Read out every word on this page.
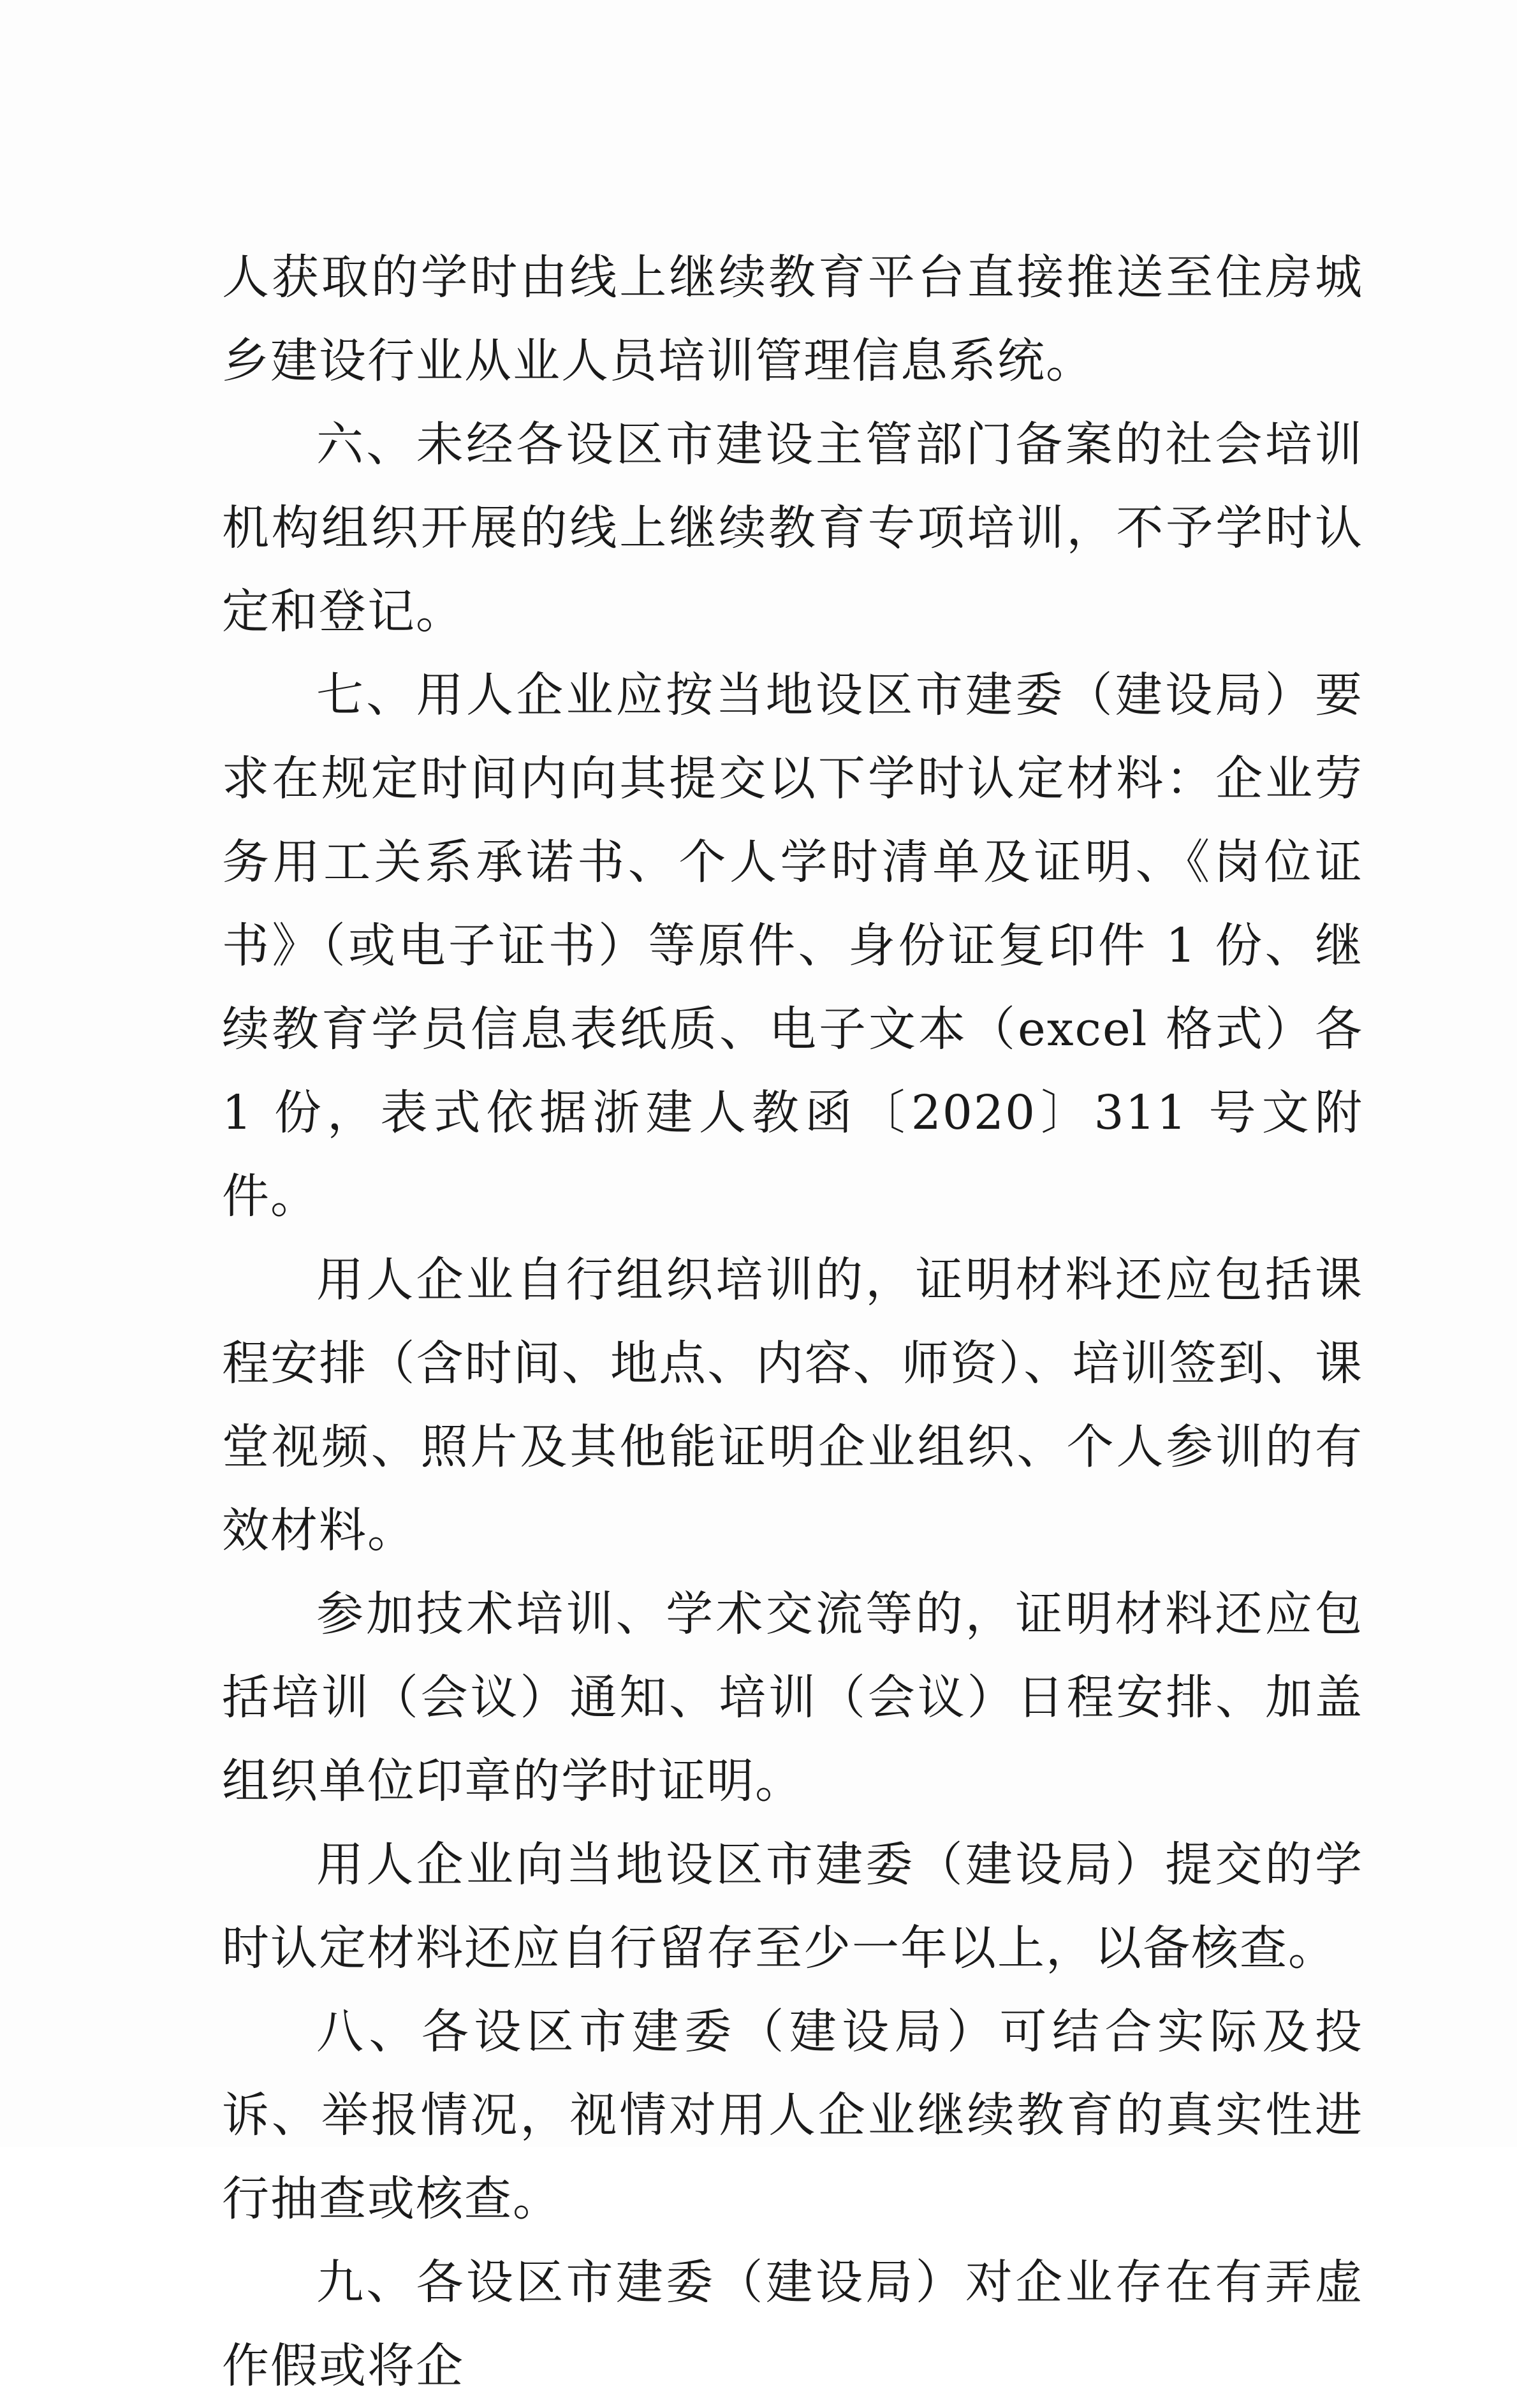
人获取的学时由线上继续教育平台直接推送至住房城乡建设行业从业人员培训管理信息系统。

六、未经各设区市建设主管部门备案的社会培训机构组织开展的线上继续教育专项培训，不予学时认定和登记。

七、用人企业应按当地设区市建委（建设局）要求在规定时间内向其提交以下学时认定材料：企业劳务用工关系承诺书、个人学时清单及证明、《岗位证书》（或电子证书）等原件、身份证复印件 1 份、继续教育学员信息表纸质、电子文本（excel 格式）各 1 份，表式依据浙建人教函〔2020〕311 号文附件。

用人企业自行组织培训的，证明材料还应包括课程安排（含时间、地点、内容、师资）、培训签到、课堂视频、照片及其他能证明企业组织、个人参训的有效材料。

参加技术培训、学术交流等的，证明材料还应包括培训（会议）通知、培训（会议）日程安排、加盖组织单位印章的学时证明。

用人企业向当地设区市建委（建设局）提交的学时认定材料还应自行留存至少一年以上，以备核查。

八、各设区市建委（建设局）可结合实际及投诉、举报情况，视情对用人企业继续教育的真实性进行抽查或核查。

九、各设区市建委（建设局）对企业存在有弄虚作假或将企
